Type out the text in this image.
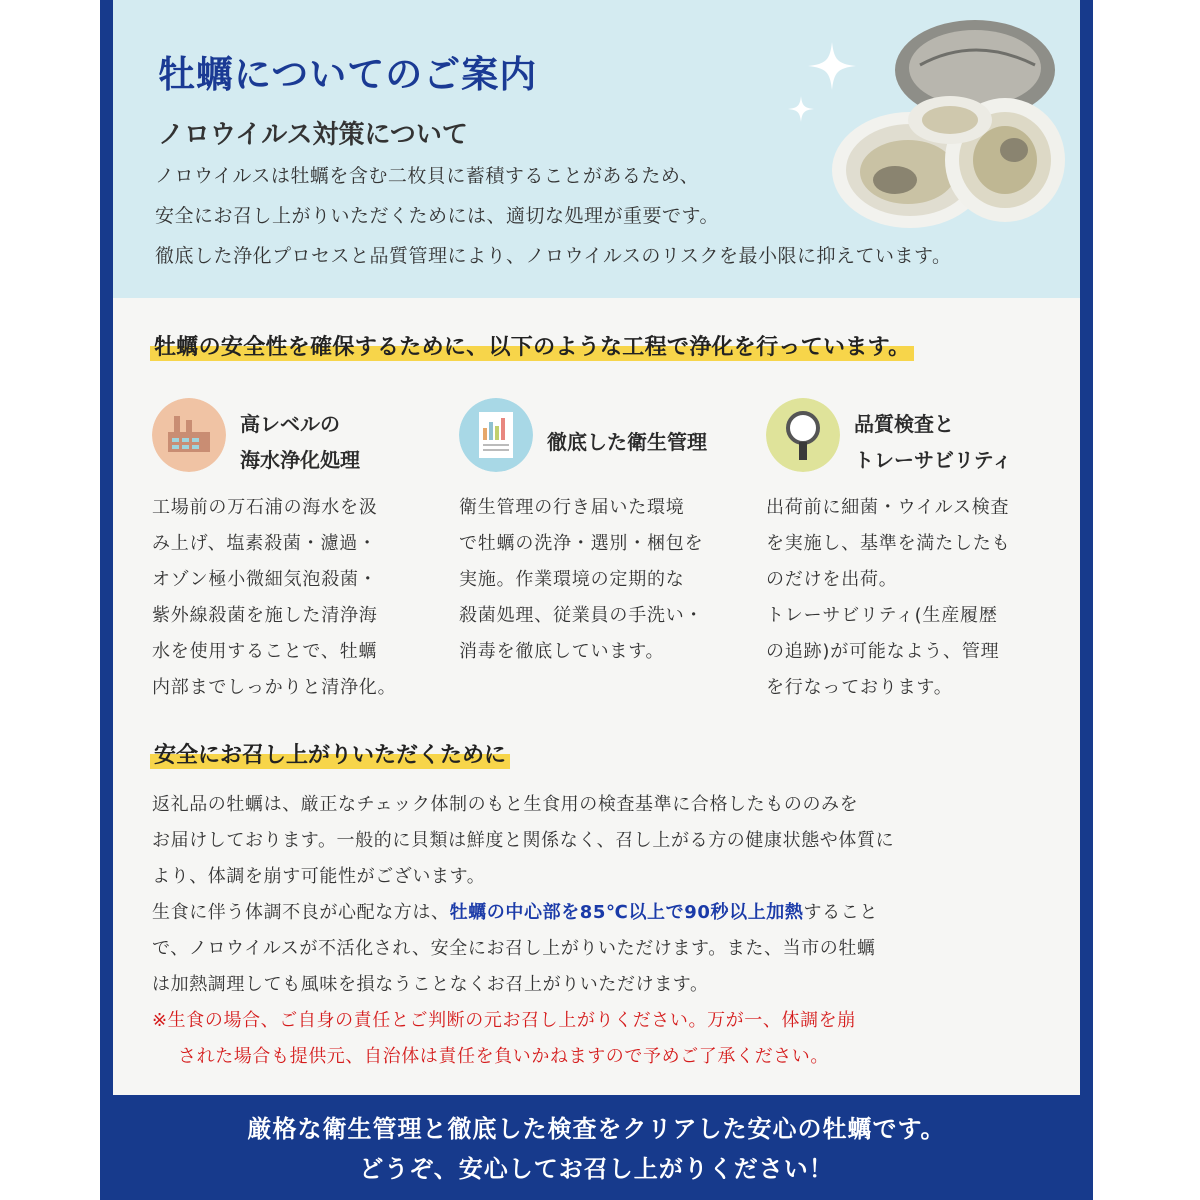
牡蠣についてのご案内
ノロウイルス対策について
ノロウイルスは牡蠣を含む二枚貝に蓄積することがあるため、
安全にお召し上がりいただくためには、適切な処理が重要です。
徹底した浄化プロセスと品質管理により、ノロウイルスのリスクを最小限に抑えています。
牡蠣の安全性を確保するために、以下のような工程で浄化を行っています。
高レベルの
海水浄化処理
工場前の万石浦の海水を汲
み上げ、塩素殺菌・濾過・
オゾン極小微細気泡殺菌・
紫外線殺菌を施した清浄海
水を使用することで、牡蠣
内部までしっかりと清浄化。
徹底した衛生管理
衛生管理の行き届いた環境
で牡蠣の洗浄・選別・梱包を
実施。作業環境の定期的な
殺菌処理、従業員の手洗い・
消毒を徹底しています。
品質検査と
トレーサビリティ
出荷前に細菌・ウイルス検査
を実施し、基準を満たしたも
のだけを出荷。
トレーサビリティ(生産履歴
の追跡)が可能なよう、管理
を行なっております。
安全にお召し上がりいただくために
返礼品の牡蠣は、厳正なチェック体制のもと生食用の検査基準に合格したもののみを
お届けしております。一般的に貝類は鮮度と関係なく、召し上がる方の健康状態や体質に
より、体調を崩す可能性がございます。
生食に伴う体調不良が心配な方は、牡蠣の中心部を85℃以上で90秒以上加熱すること
で、ノロウイルスが不活化され、安全にお召し上がりいただけます。また、当市の牡蠣
は加熱調理しても風味を損なうことなくお召上がりいただけます。
※生食の場合、ご自身の責任とご判断の元お召し上がりください。万が一、体調を崩
された場合も提供元、自治体は責任を負いかねますので予めご了承ください。
厳格な衛生管理と徹底した検査をクリアした安心の牡蠣です。
どうぞ、安心してお召し上がりください！
